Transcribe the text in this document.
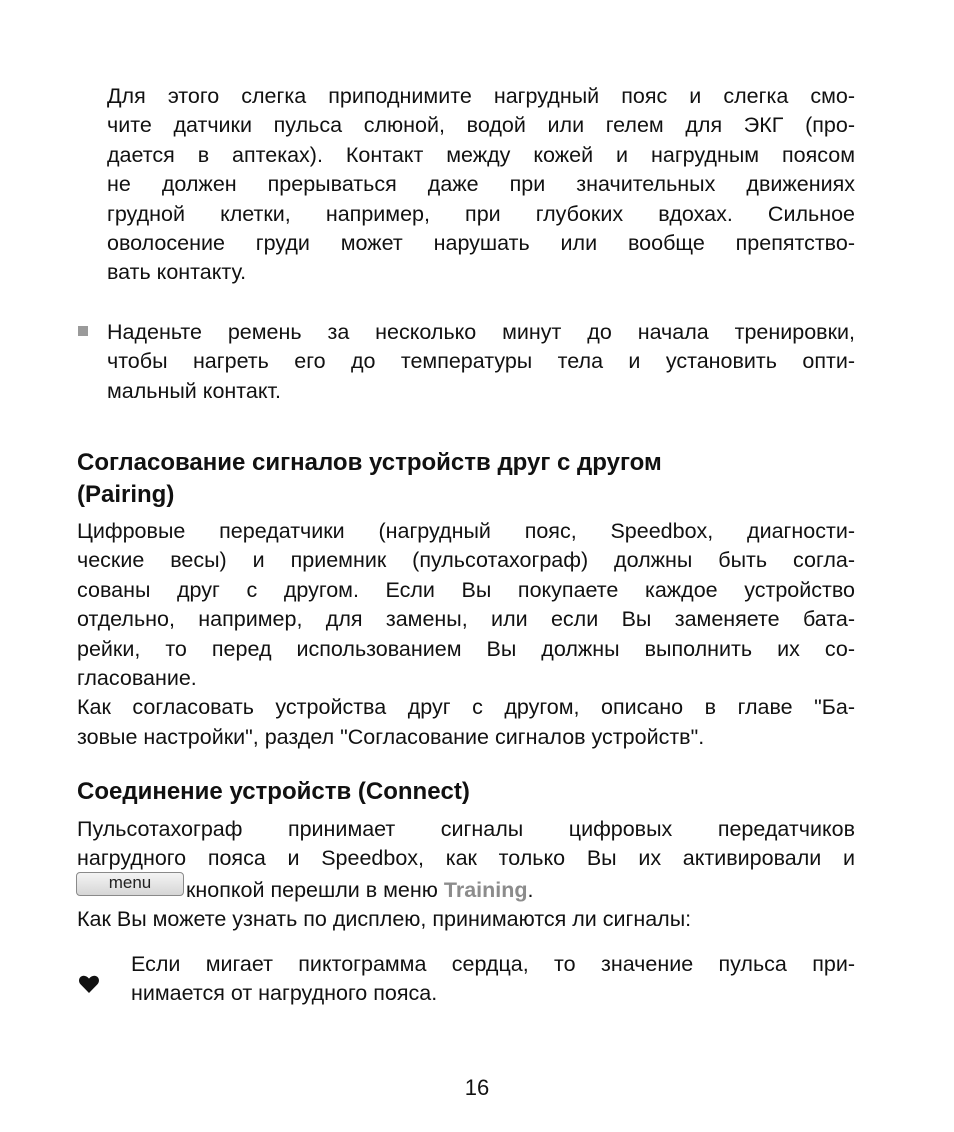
Для этого слегка приподнимите нагрудный пояс и слегка смо-
чите датчики пульса слюной, водой или гелем для ЭКГ (про-
дается в аптеках). Контакт между кожей и нагрудным поясом
не должен прерываться даже при значительных движениях
грудной клетки, например, при глубоких вдохах. Сильное
оволосение груди может нарушать или вообще препятство-
вать контакту.
Наденьте ремень за несколько минут до начала тренировки,
чтобы нагреть его до температуры тела и установить опти-
мальный контакт.
Согласование сигналов устройств друг с другом
(Pairing)
Цифровые передатчики (нагрудный пояс, Speedbox, диагности-
ческие весы) и приемник (пульсотахограф) должны быть согла-
сованы друг с другом. Если Вы покупаете каждое устройство
отдельно, например, для замены, или если Вы заменяете бата-
рейки, то перед использованием Вы должны выполнить их со-
гласование.
Как согласовать устройства друг с другом, описано в главе "Ба-
зовые настройки", раздел "Согласование сигналов устройств".
Соединение устройств (Connect)
Пульсотахограф принимает сигналы цифровых передатчиков
нагрудного пояса и Speedbox, как только Вы их активировали и
menu	кнопкой перешли в меню Training.
Как Вы можете узнать по дисплею, принимаются ли сигналы:
Если мигает пиктограмма сердца, то значение пульса при-
нимается от нагрудного пояса.
16
